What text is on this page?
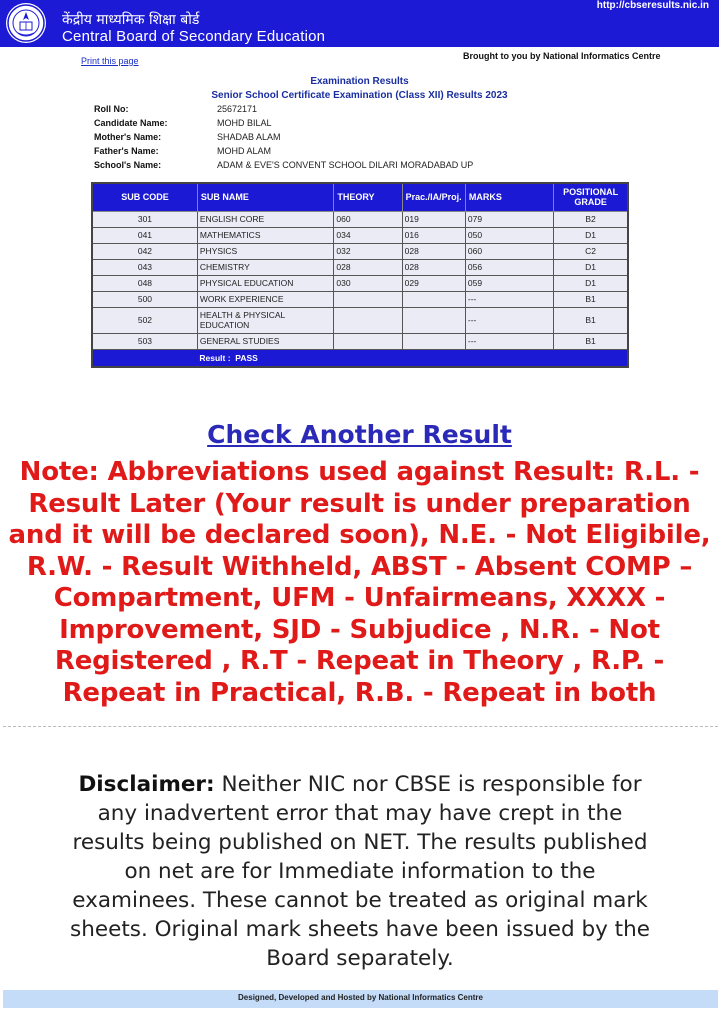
केंद्रीय माध्यमिक शिक्षा बोर्ड
Central Board of Secondary Education
http://cbseresults.nic.in
Print this page	Brought to you by National Informatics Centre
Examination Results
Senior School Certificate Examination (Class XII) Results 2023
Roll No:	25672171
Candidate Name:	MOHD BILAL
Mother's Name:	SHADAB ALAM
Father's Name:	MOHD ALAM
School's Name:	ADAM & EVE'S CONVENT SCHOOL DILARI MORADABAD UP
SUB CODE	SUB NAME	THEORY	Prac./IA/Proj.	MARKS	POSITIONAL GRADE
301	ENGLISH CORE	060	019	079	B2
041	MATHEMATICS	034	016	050	D1
042	PHYSICS	032	028	060	C2
043	CHEMISTRY	028	028	056	D1
048	PHYSICAL EDUCATION	030	029	059	D1
500	WORK EXPERIENCE			---	B1
502	HEALTH & PHYSICAL EDUCATION			---	B1
503	GENERAL STUDIES			---	B1
	Result : PASS				
Check Another Result
Note: Abbreviations used against Result: R.L. - Result Later (Your result is under preparation and it will be declared soon), N.E. - Not Eligibile, R.W. - Result Withheld, ABST - Absent COMP – Compartment, UFM - Unfairmeans, XXXX - Improvement, SJD - Subjudice , N.R. - Not Registered , R.T - Repeat in Theory , R.P. - Repeat in Practical, R.B. - Repeat in both
Disclaimer: Neither NIC nor CBSE is responsible for any inadvertent error that may have crept in the results being published on NET. The results published on net are for Immediate information to the examinees. These cannot be treated as original mark sheets. Original mark sheets have been issued by the Board separately.
Designed, Developed and Hosted by National Informatics Centre
